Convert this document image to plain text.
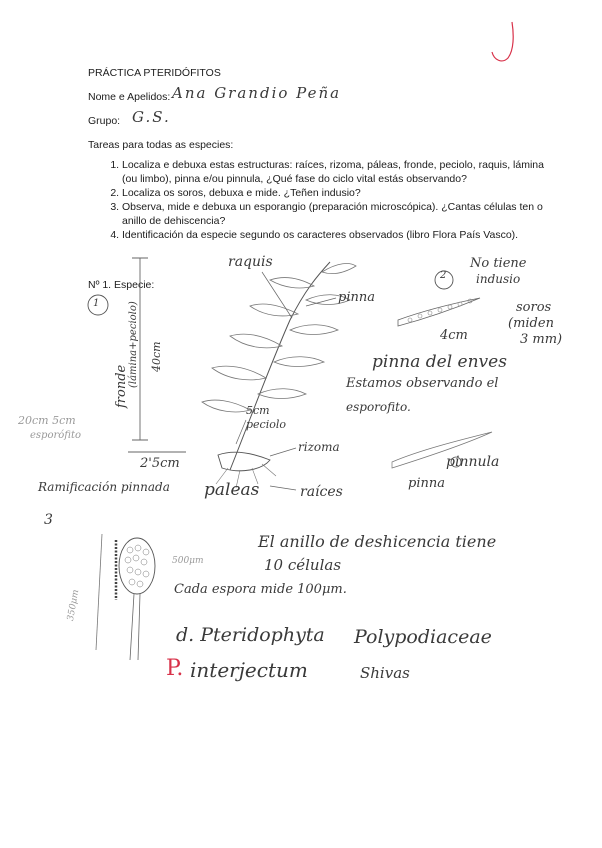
PRÁCTICA PTERIDÓFITOS
Nome e Apelidos: Ana Grandio Peña
Grupo: G.S.
Tareas para todas as especies:
1. Localiza e debuxa estas estructuras: raíces, rizoma, páleas, fronde, peciolo, raquis, lámina (ou limbo), pinna e/ou pinnula, ¿Qué fase do ciclo vital estás observando?
2. Localiza os soros, debuxa e mide. ¿Teñen indusio?
3. Observa, mide e debuxa un esporangio (preparación microscópica). ¿Cantas células ten o anillo de dehiscencia?
4. Identificación da especie segundo os caracteres observados (libro Flora País Vasco).
Nº 1. Especie:
raquis
pinna
2
No tiene
indusio
soros
(miden
3 mm)
4cm
pinna del enves
Estamos observando el
esporofito.
1
fronde (lámina+peciolo) 40cm
20cm 5cm
esporófito
2'5cm
5cm
peciolo
rizoma
pinnula
pinna
Ramificación pinnada paleas	raíces
3
El anillo de deshicencia tiene
10 células
500μm
Cada espora mide 100μm.
350μm
d. Pteridophyta Polypodiaceae
P. interjectum	Shivas
